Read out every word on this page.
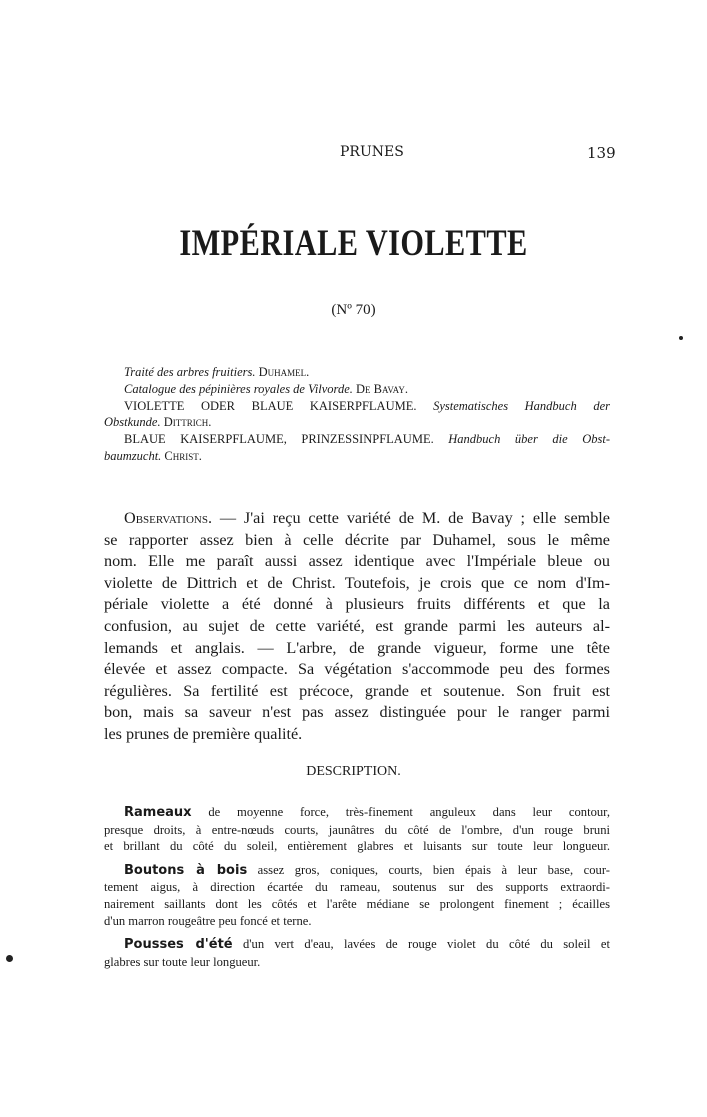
PRUNES	139
IMPÉRIALE VIOLETTE
(Nº 70)
Traité des arbres fruitiers. Duhamel.
Catalogue des pépinières royales de Vilvorde. De Bavay.
VIOLETTE ODER BLAUE KAISERPFLAUME. Systematisches Handbuch der
Obstkunde. Dittrich.
BLAUE KAISERPFLAUME, PRINZESSINPFLAUME. Handbuch über die Obst-
baumzucht. Christ.
Observations. — J'ai reçu cette variété de M. de Bavay ; elle semble
se rapporter assez bien à celle décrite par Duhamel, sous le même
nom. Elle me paraît aussi assez identique avec l'Impériale bleue ou
violette de Dittrich et de Christ. Toutefois, je crois que ce nom d'Im-
périale violette a été donné à plusieurs fruits différents et que la
confusion, au sujet de cette variété, est grande parmi les auteurs al-
lemands et anglais. — L'arbre, de grande vigueur, forme une tête
élevée et assez compacte. Sa végétation s'accommode peu des formes
régulières. Sa fertilité est précoce, grande et soutenue. Son fruit est
bon, mais sa saveur n'est pas assez distinguée pour le ranger parmi
les prunes de première qualité.
DESCRIPTION.

Rameaux de moyenne force, très-finement anguleux dans leur contour,
presque droits, à entre-nœuds courts, jaunâtres du côté de l'ombre, d'un rouge bruni
et brillant du côté du soleil, entièrement glabres et luisants sur toute leur longueur.

Boutons à bois assez gros, coniques, courts, bien épais à leur base, cour-
tement aigus, à direction écartée du rameau, soutenus sur des supports extraordi-
nairement saillants dont les côtés et l'arête médiane se prolongent finement ; écailles
d'un marron rougeâtre peu foncé et terne.

Pousses d'été d'un vert d'eau, lavées de rouge violet du côté du soleil et
glabres sur toute leur longueur.
